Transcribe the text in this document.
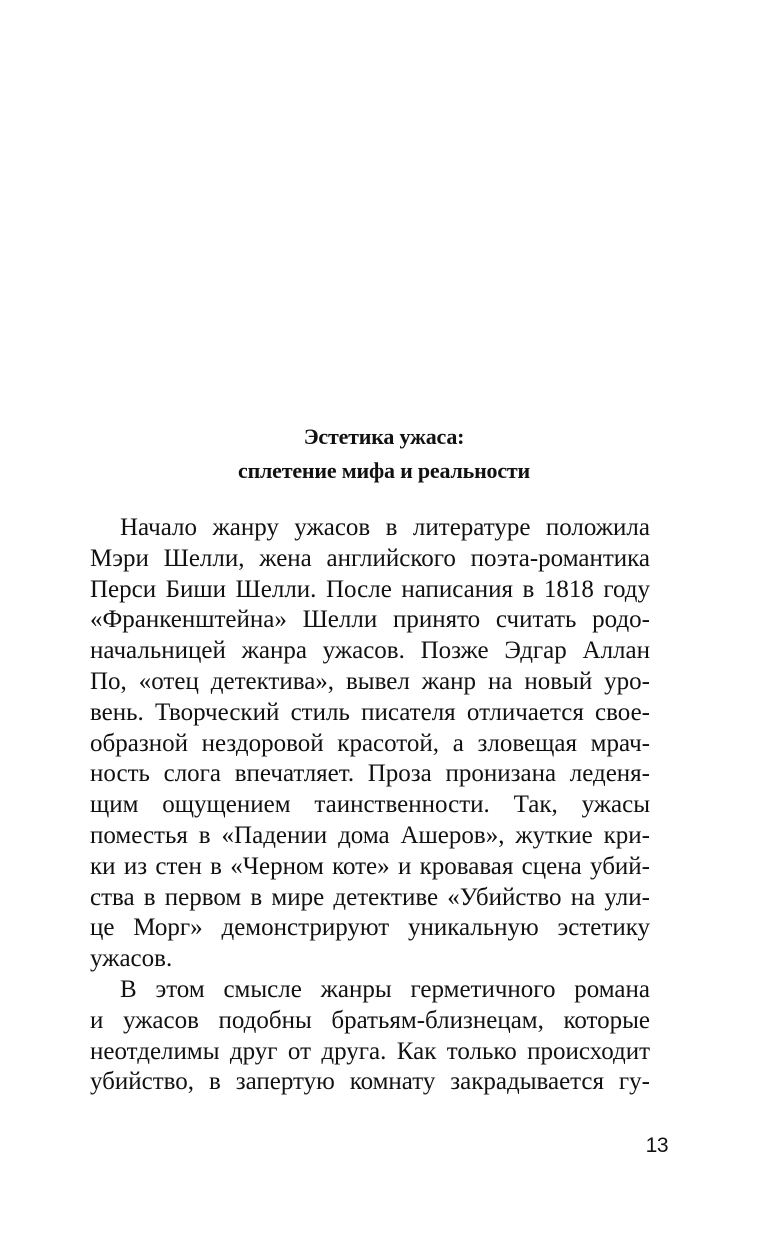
Эстетика ужаса:
сплетение мифа и реальности
Начало жанру ужасов в литературе положила
Мэри Шелли, жена английского поэта-романтика
Перси Биши Шелли. После написания в 1818 году
«Франкенштейна» Шелли принято считать родо-
начальницей жанра ужасов. Позже Эдгар Аллан
По, «отец детектива», вывел жанр на новый уро-
вень. Творческий стиль писателя отличается свое-
образной нездоровой красотой, а зловещая мрач-
ность слога впечатляет. Проза пронизана леденя-
щим ощущением таинственности. Так, ужасы
поместья в «Падении дома Ашеров», жуткие кри-
ки из стен в «Черном коте» и кровавая сцена убий-
ства в первом в мире детективе «Убийство на ули-
це Морг» демонстрируют уникальную эстетику
ужасов.
В этом смысле жанры герметичного романа
и ужасов подобны братьям-близнецам, которые
неотделимы друг от друга. Как только происходит
убийство, в запертую комнату закрадывается гу-
13
